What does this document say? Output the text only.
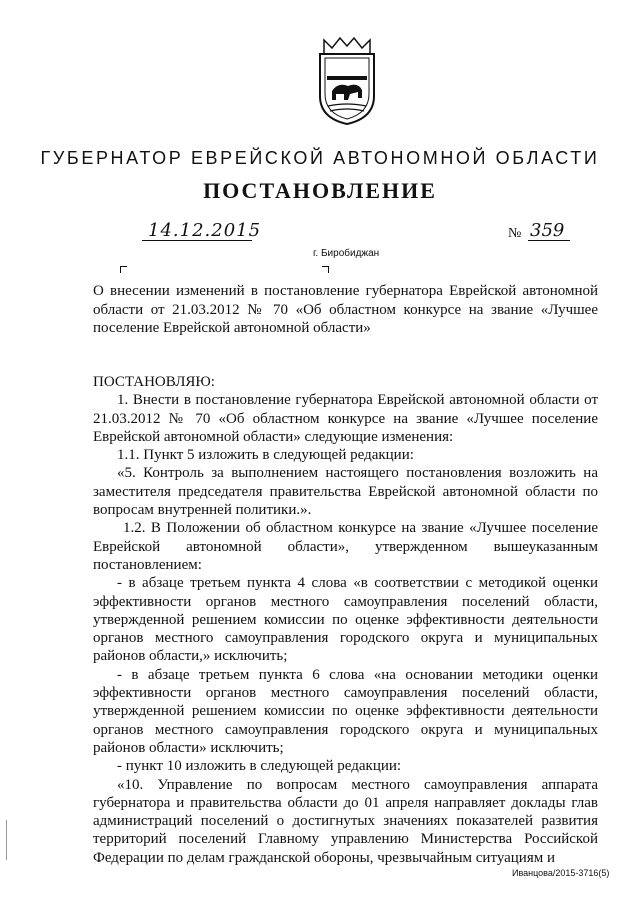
ГУБЕРНАТОР ЕВРЕЙСКОЙ АВТОНОМНОЙ ОБЛАСТИ
ПОСТАНОВЛЕНИЕ
14.12.2015	№ 359
г. Биробиджан
О внесении изменений в постановление губернатора Еврейской автономной области от 21.03.2012 № 70 «Об областном конкурсе на звание «Лучшее поселение Еврейской автономной области»

ПОСТАНОВЛЯЮ:

1. Внести в постановление губернатора Еврейской автономной области от 21.03.2012 № 70 «Об областном конкурсе на звание «Лучшее поселение Еврейской автономной области» следующие изменения:

1.1. Пункт 5 изложить в следующей редакции:

«5. Контроль за выполнением настоящего постановления возложить на заместителя председателя правительства Еврейской автономной области по вопросам внутренней политики.».

1.2. В Положении об областном конкурсе на звание «Лучшее поселение Еврейской автономной области», утвержденном вышеуказанным постановлением:

- в абзаце третьем пункта 4 слова «в соответствии с методикой оценки эффективности органов местного самоуправления поселений области, утвержденной решением комиссии по оценке эффективности деятельности органов местного самоуправления городского округа и муниципальных районов области,» исключить;

- в абзаце третьем пункта 6 слова «на основании методики оценки эффективности органов местного самоуправления поселений области, утвержденной решением комиссии по оценке эффективности деятельности органов местного самоуправления городского округа и муниципальных районов области» исключить;

- пункт 10 изложить в следующей редакции:

«10. Управление по вопросам местного самоуправления аппарата губернатора и правительства области до 01 апреля направляет доклады глав администраций поселений о достигнутых значениях показателей развития территорий поселений Главному управлению Министерства Российской Федерации по делам гражданской обороны, чрезвычайным ситуациям и

Иванцова/2015-3716(5)
